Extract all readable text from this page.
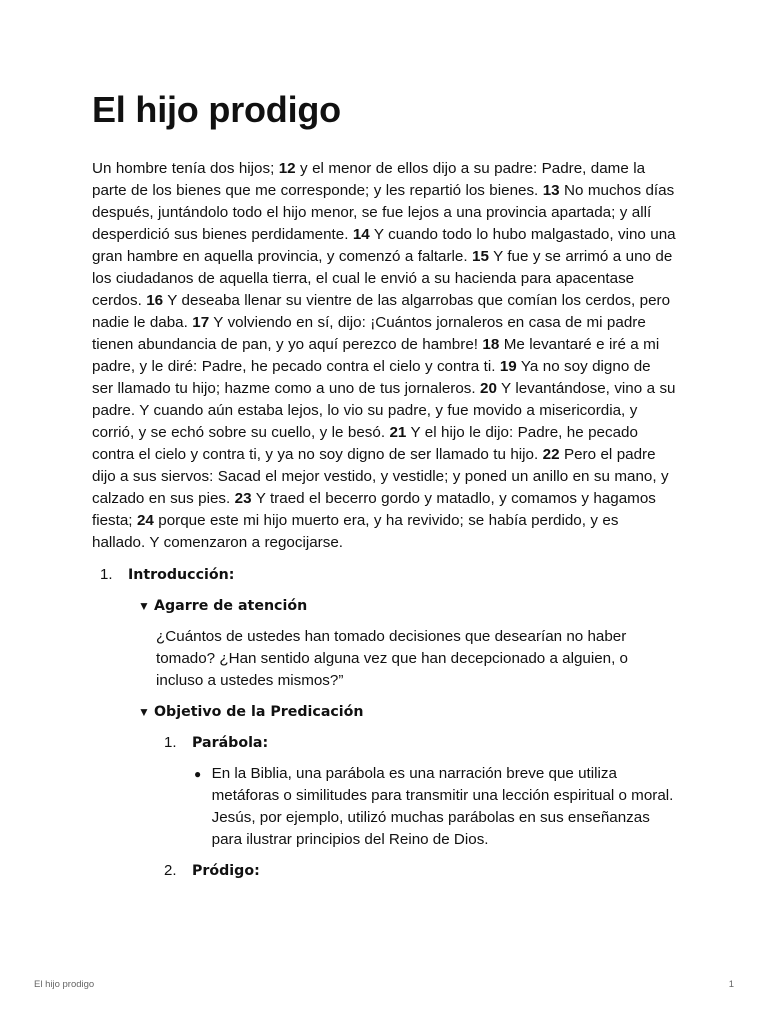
El hijo prodigo

Un hombre tenía dos hijos; 12 y el menor de ellos dijo a su padre: Padre, dame la parte de los bienes que me corresponde; y les repartió los bienes. 13 No muchos días después, juntándolo todo el hijo menor, se fue lejos a una provincia apartada; y allí desperdició sus bienes perdidamente. 14 Y cuando todo lo hubo malgastado, vino una gran hambre en aquella provincia, y comenzó a faltarle. 15 Y fue y se arrimó a uno de los ciudadanos de aquella tierra, el cual le envió a su hacienda para apacentase cerdos. 16 Y deseaba llenar su vientre de las algarrobas que comían los cerdos, pero nadie le daba. 17 Y volviendo en sí, dijo: ¡Cuántos jornaleros en casa de mi padre tienen abundancia de pan, y yo aquí perezco de hambre! 18 Me levantaré e iré a mi padre, y le diré: Padre, he pecado contra el cielo y contra ti. 19 Ya no soy digno de ser llamado tu hijo; hazme como a uno de tus jornaleros. 20 Y levantándose, vino a su padre. Y cuando aún estaba lejos, lo vio su padre, y fue movido a misericordia, y corrió, y se echó sobre su cuello, y le besó. 21 Y el hijo le dijo: Padre, he pecado contra el cielo y contra ti, y ya no soy digno de ser llamado tu hijo. 22 Pero el padre dijo a sus siervos: Sacad el mejor vestido, y vestidle; y poned un anillo en su mano, y calzado en sus pies. 23 Y traed el becerro gordo y matadlo, y comamos y hagamos fiesta; 24 porque este mi hijo muerto era, y ha revivido; se había perdido, y es hallado. Y comenzaron a regocijarse.

1.	Introducción:
▼ Agarre de atención
¿Cuántos de ustedes han tomado decisiones que desearían no haber tomado? ¿Han sentido alguna vez que han decepcionado a alguien, o incluso a ustedes mismos?”
▼ Objetivo de la Predicación
1.	Parábola:
● En la Biblia, una parábola es una narración breve que utiliza metáforas o similitudes para transmitir una lección espiritual o moral. Jesús, por ejemplo, utilizó muchas parábolas en sus enseñanzas para ilustrar principios del Reino de Dios.
2.	Pródigo:
El hijo prodigo	1
